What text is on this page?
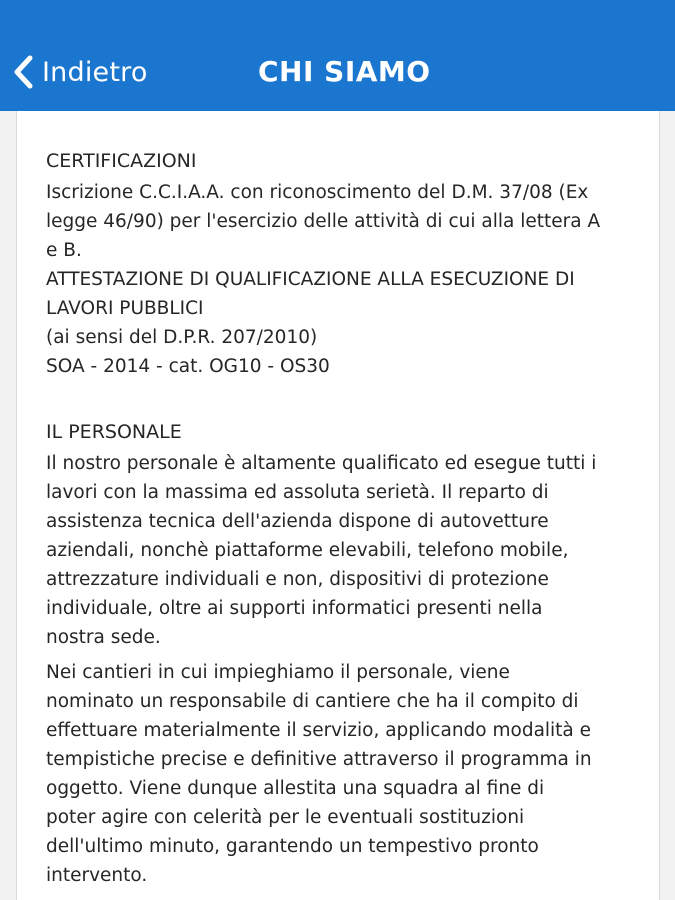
Indietro	CHI SIAMO
CERTIFICAZIONI
Iscrizione C.C.I.A.A. con riconoscimento del D.M. 37/08 (Ex
legge 46/90) per l'esercizio delle attività di cui alla lettera A
e B.
ATTESTAZIONE DI QUALIFICAZIONE ALLA ESECUZIONE DI
LAVORI PUBBLICI
(ai sensi del D.P.R. 207/2010)
SOA - 2014 - cat. OG10 - OS30
IL PERSONALE
Il nostro personale è altamente qualificato ed esegue tutti i
lavori con la massima ed assoluta serietà. Il reparto di
assistenza tecnica dell'azienda dispone di autovetture
aziendali, nonchè piattaforme elevabili, telefono mobile,
attrezzature individuali e non, dispositivi di protezione
individuale, oltre ai supporti informatici presenti nella
nostra sede.
Nei cantieri in cui impieghiamo il personale, viene
nominato un responsabile di cantiere che ha il compito di
effettuare materialmente il servizio, applicando modalità e
tempistiche precise e definitive attraverso il programma in
oggetto. Viene dunque allestita una squadra al fine di
poter agire con celerità per le eventuali sostituzioni
dell'ultimo minuto, garantendo un tempestivo pronto
intervento.
